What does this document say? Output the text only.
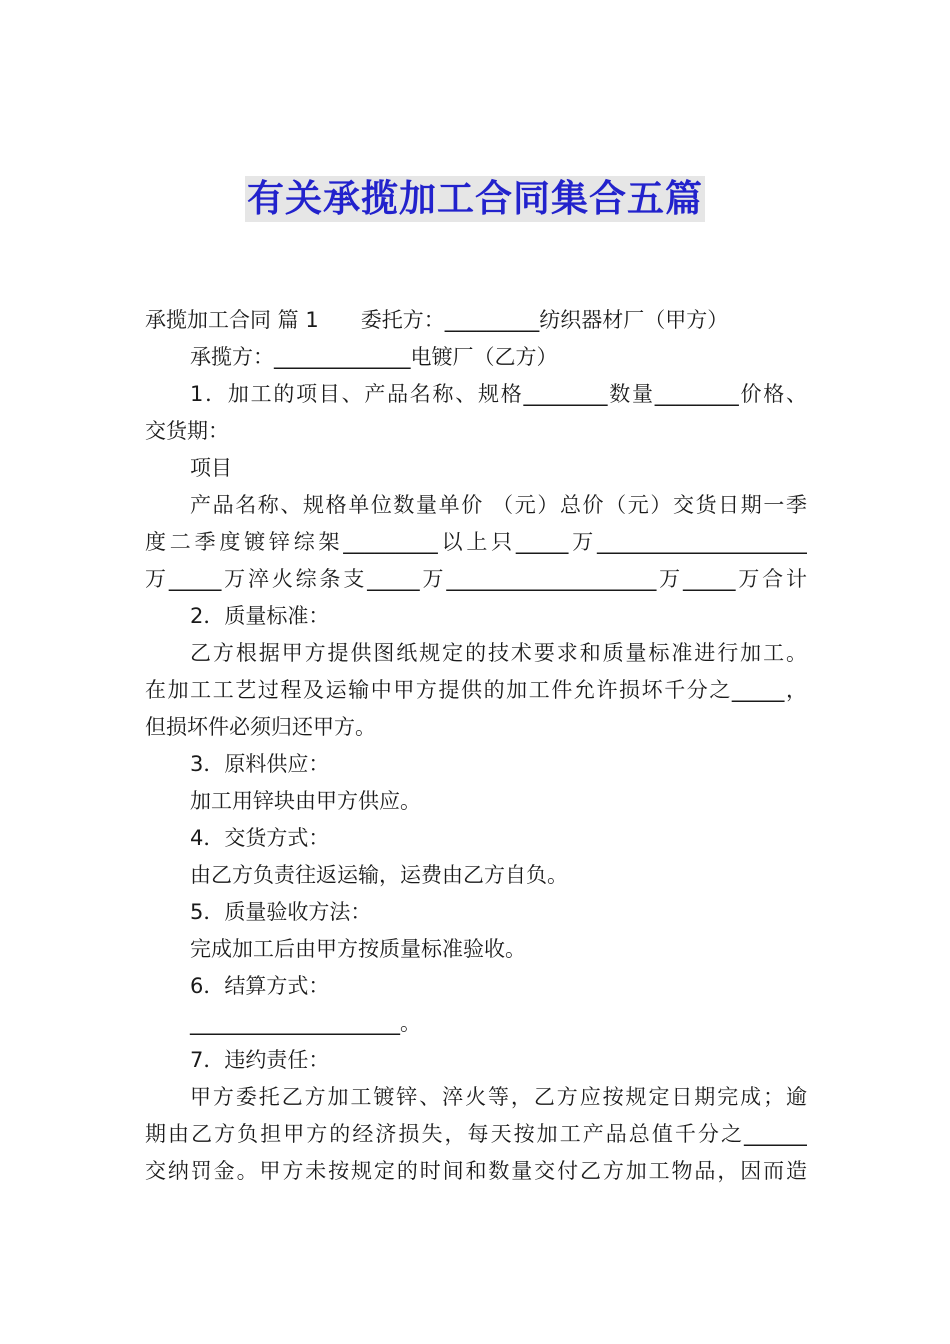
有关承揽加工合同集合五篇
承揽加工合同 篇 1　　委托方：_________纺织器材厂（甲方）
承揽方：_____________电镀厂（乙方）
1．加工的项目、产品名称、规格________数量________价格、
交货期：
项目
产品名称、规格单位数量单价 （元）总价（元）交货日期一季
度二季度镀锌综架_________以上只_____万____________________
万_____万淬火综条支_____万____________________万_____万合计
2．质量标准：
乙方根据甲方提供图纸规定的技术要求和质量标准进行加工。
在加工工艺过程及运输中甲方提供的加工件允许损坏千分之_____，
但损坏件必须归还甲方。
3．原料供应：
加工用锌块由甲方供应。
4．交货方式：
由乙方负责往返运输，运费由乙方自负。
5．质量验收方法：
完成加工后由甲方按质量标准验收。
6．结算方式：
____________________。
7．违约责任：
甲方委托乙方加工镀锌、淬火等，乙方应按规定日期完成；逾
期由乙方负担甲方的经济损失，每天按加工产品总值千分之______
交纳罚金。甲方未按规定的时间和数量交付乙方加工物品，因而造
